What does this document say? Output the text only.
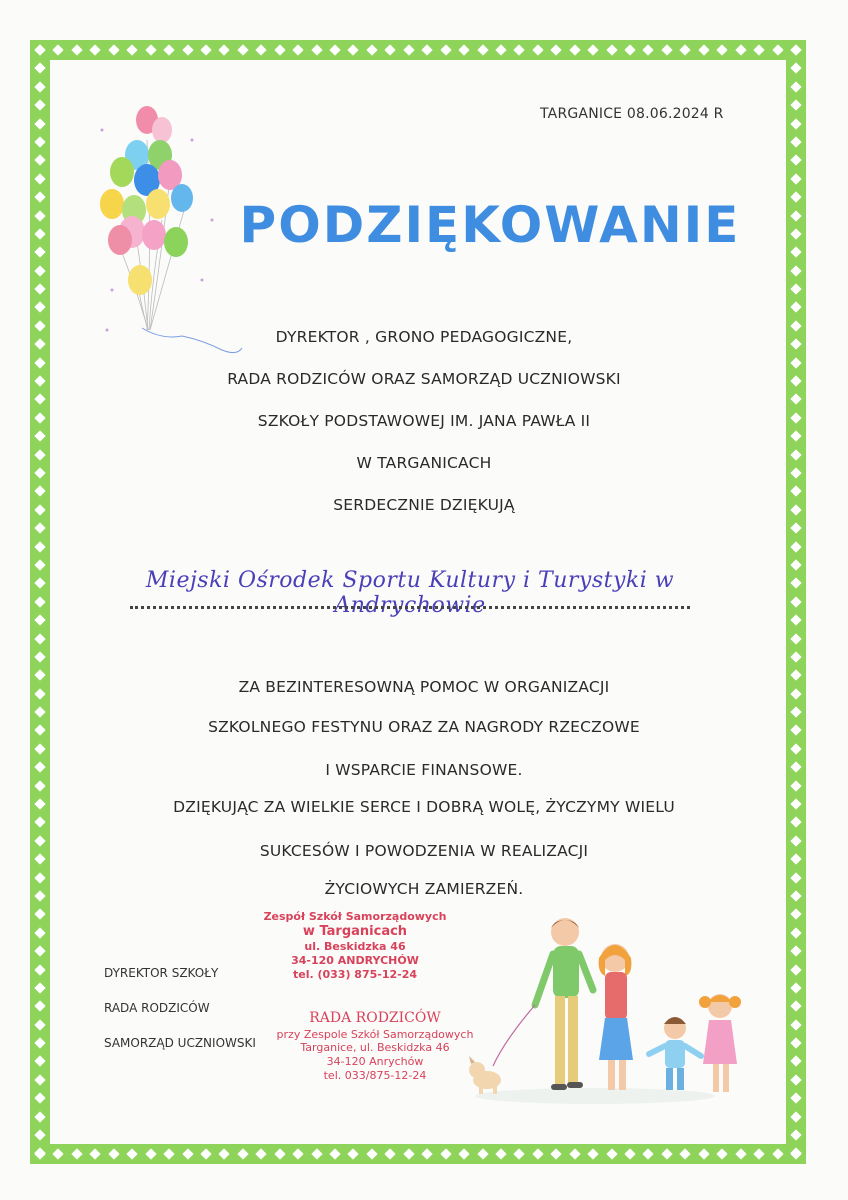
TARGANICE 08.06.2024 R
PODZIĘKOWANIE
DYREKTOR , GRONO PEDAGOGICZNE,
RADA RODZICÓW ORAZ SAMORZĄD UCZNIOWSKI
SZKOŁY PODSTAWOWEJ IM. JANA PAWŁA II
W TARGANICACH
SERDECZNIE DZIĘKUJĄ
Miejski Ośrodek Sportu Kultury i Turystyki w Andrychowie
ZA BEZINTERESOWNĄ POMOC W ORGANIZACJI
SZKOLNEGO FESTYNU ORAZ ZA NAGRODY RZECZOWE
I WSPARCIE FINANSOWE.
DZIĘKUJĄC ZA WIELKIE SERCE I DOBRĄ WOLĘ, ŻYCZYMY WIELU
SUKCESÓW I POWODZENIA W REALIZACJI
ŻYCIOWYCH ZAMIERZEŃ.
DYREKTOR SZKOŁY
RADA RODZICÓW
SAMORZĄD UCZNIOWSKI
Zespół Szkół Samorządowych
w Targanicach
ul. Beskidzka 46
34-120 ANDRYCHÓW
tel. (033) 875-12-24
RADA RODZICÓW
przy Zespole Szkół Samorządowych
Targanice, ul. Beskidzka 46
34-120 Anrychów
tel. 033/875-12-24
